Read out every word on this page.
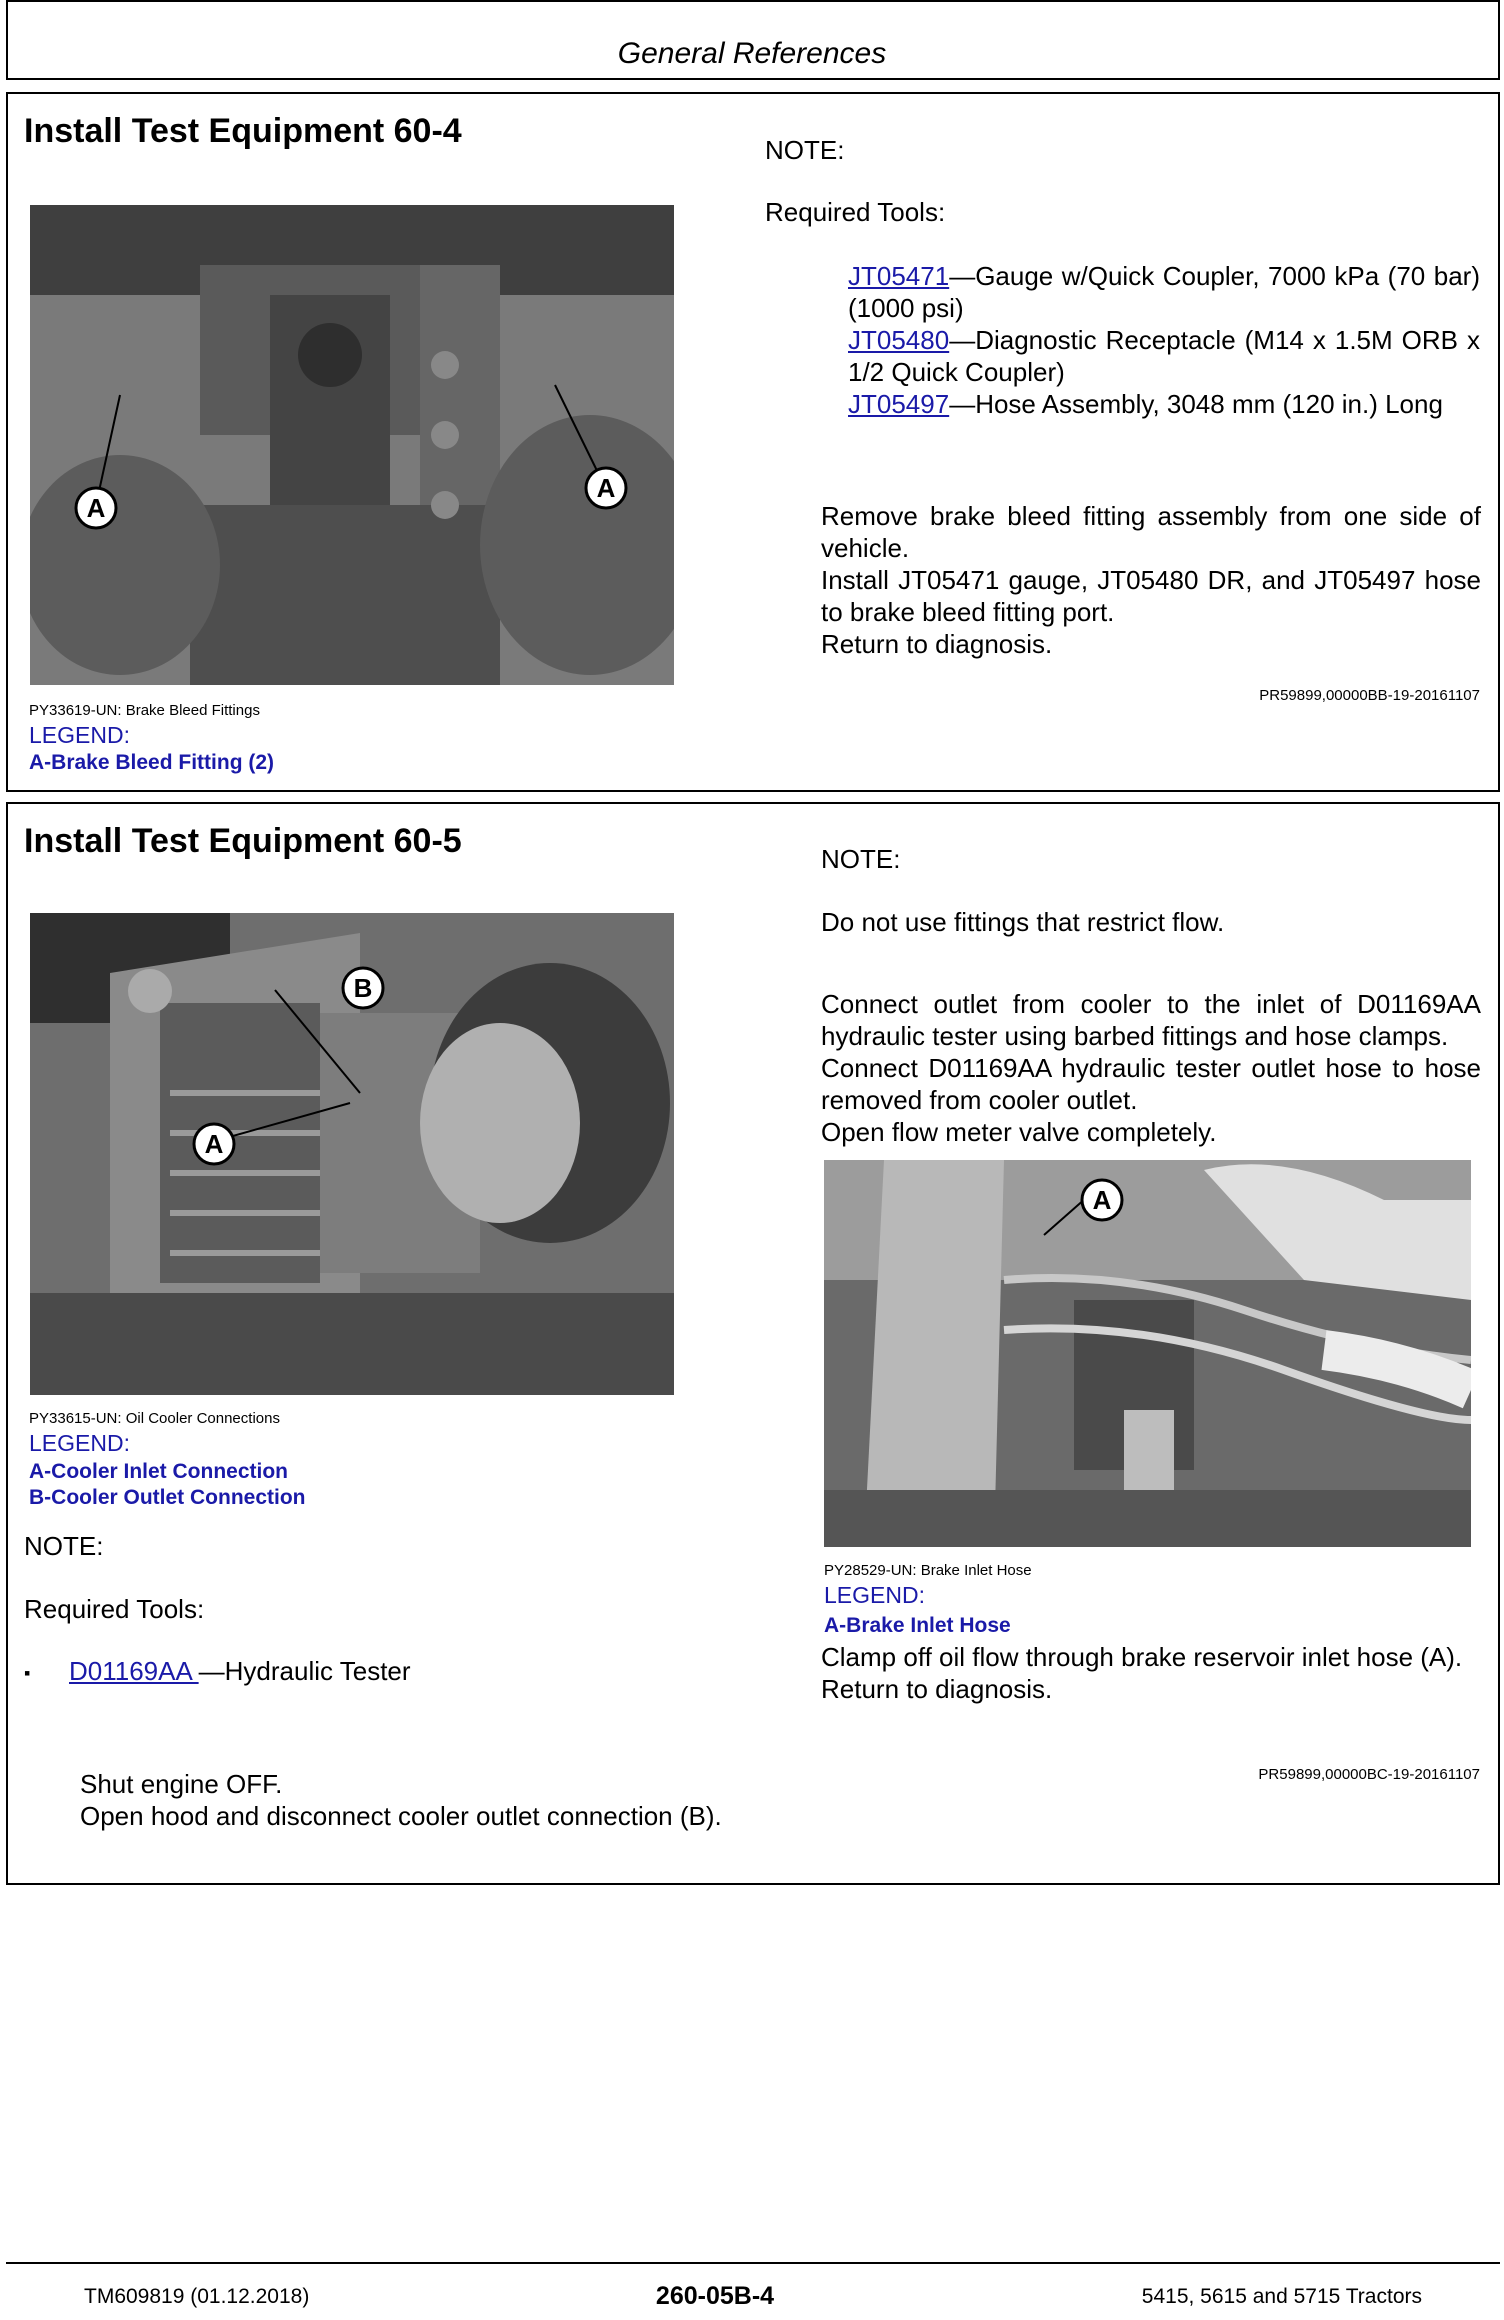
General References
Install Test Equipment 60-4
A
A
PY33619-UN: Brake Bleed Fittings
LEGEND:
A-Brake Bleed Fitting (2)
NOTE:
Required Tools:
JT05471—Gauge w/Quick Coupler, 7000 kPa (70 bar) (1000 psi)
JT05480—Diagnostic Receptacle (M14 x 1.5M ORB x 1/2 Quick Coupler)
JT05497—Hose Assembly, 3048 mm (120 in.) Long
Remove brake bleed fitting assembly from one side of vehicle.
Install JT05471 gauge, JT05480 DR, and JT05497 hose to brake bleed fitting port.
Return to diagnosis.
PR59899,00000BB-19-20161107
Install Test Equipment 60-5
B
A
PY33615-UN: Oil Cooler Connections
LEGEND:
A-Cooler Inlet Connection
B-Cooler Outlet Connection
NOTE:
Required Tools:
▪ D01169AA —Hydraulic Tester
Shut engine OFF.
Open hood and disconnect cooler outlet connection (B).
NOTE:
Do not use fittings that restrict flow.
Connect outlet from cooler to the inlet of D01169AA hydraulic tester using barbed fittings and hose clamps.
Connect D01169AA hydraulic tester outlet hose to hose removed from cooler outlet.
Open flow meter valve completely.
A
PY28529-UN: Brake Inlet Hose
LEGEND:
A-Brake Inlet Hose
Clamp off oil flow through brake reservoir inlet hose (A).
Return to diagnosis.
PR59899,00000BC-19-20161107
TM609819 (01.12.2018)	260-05B-4	5415, 5615 and 5715 Tractors
